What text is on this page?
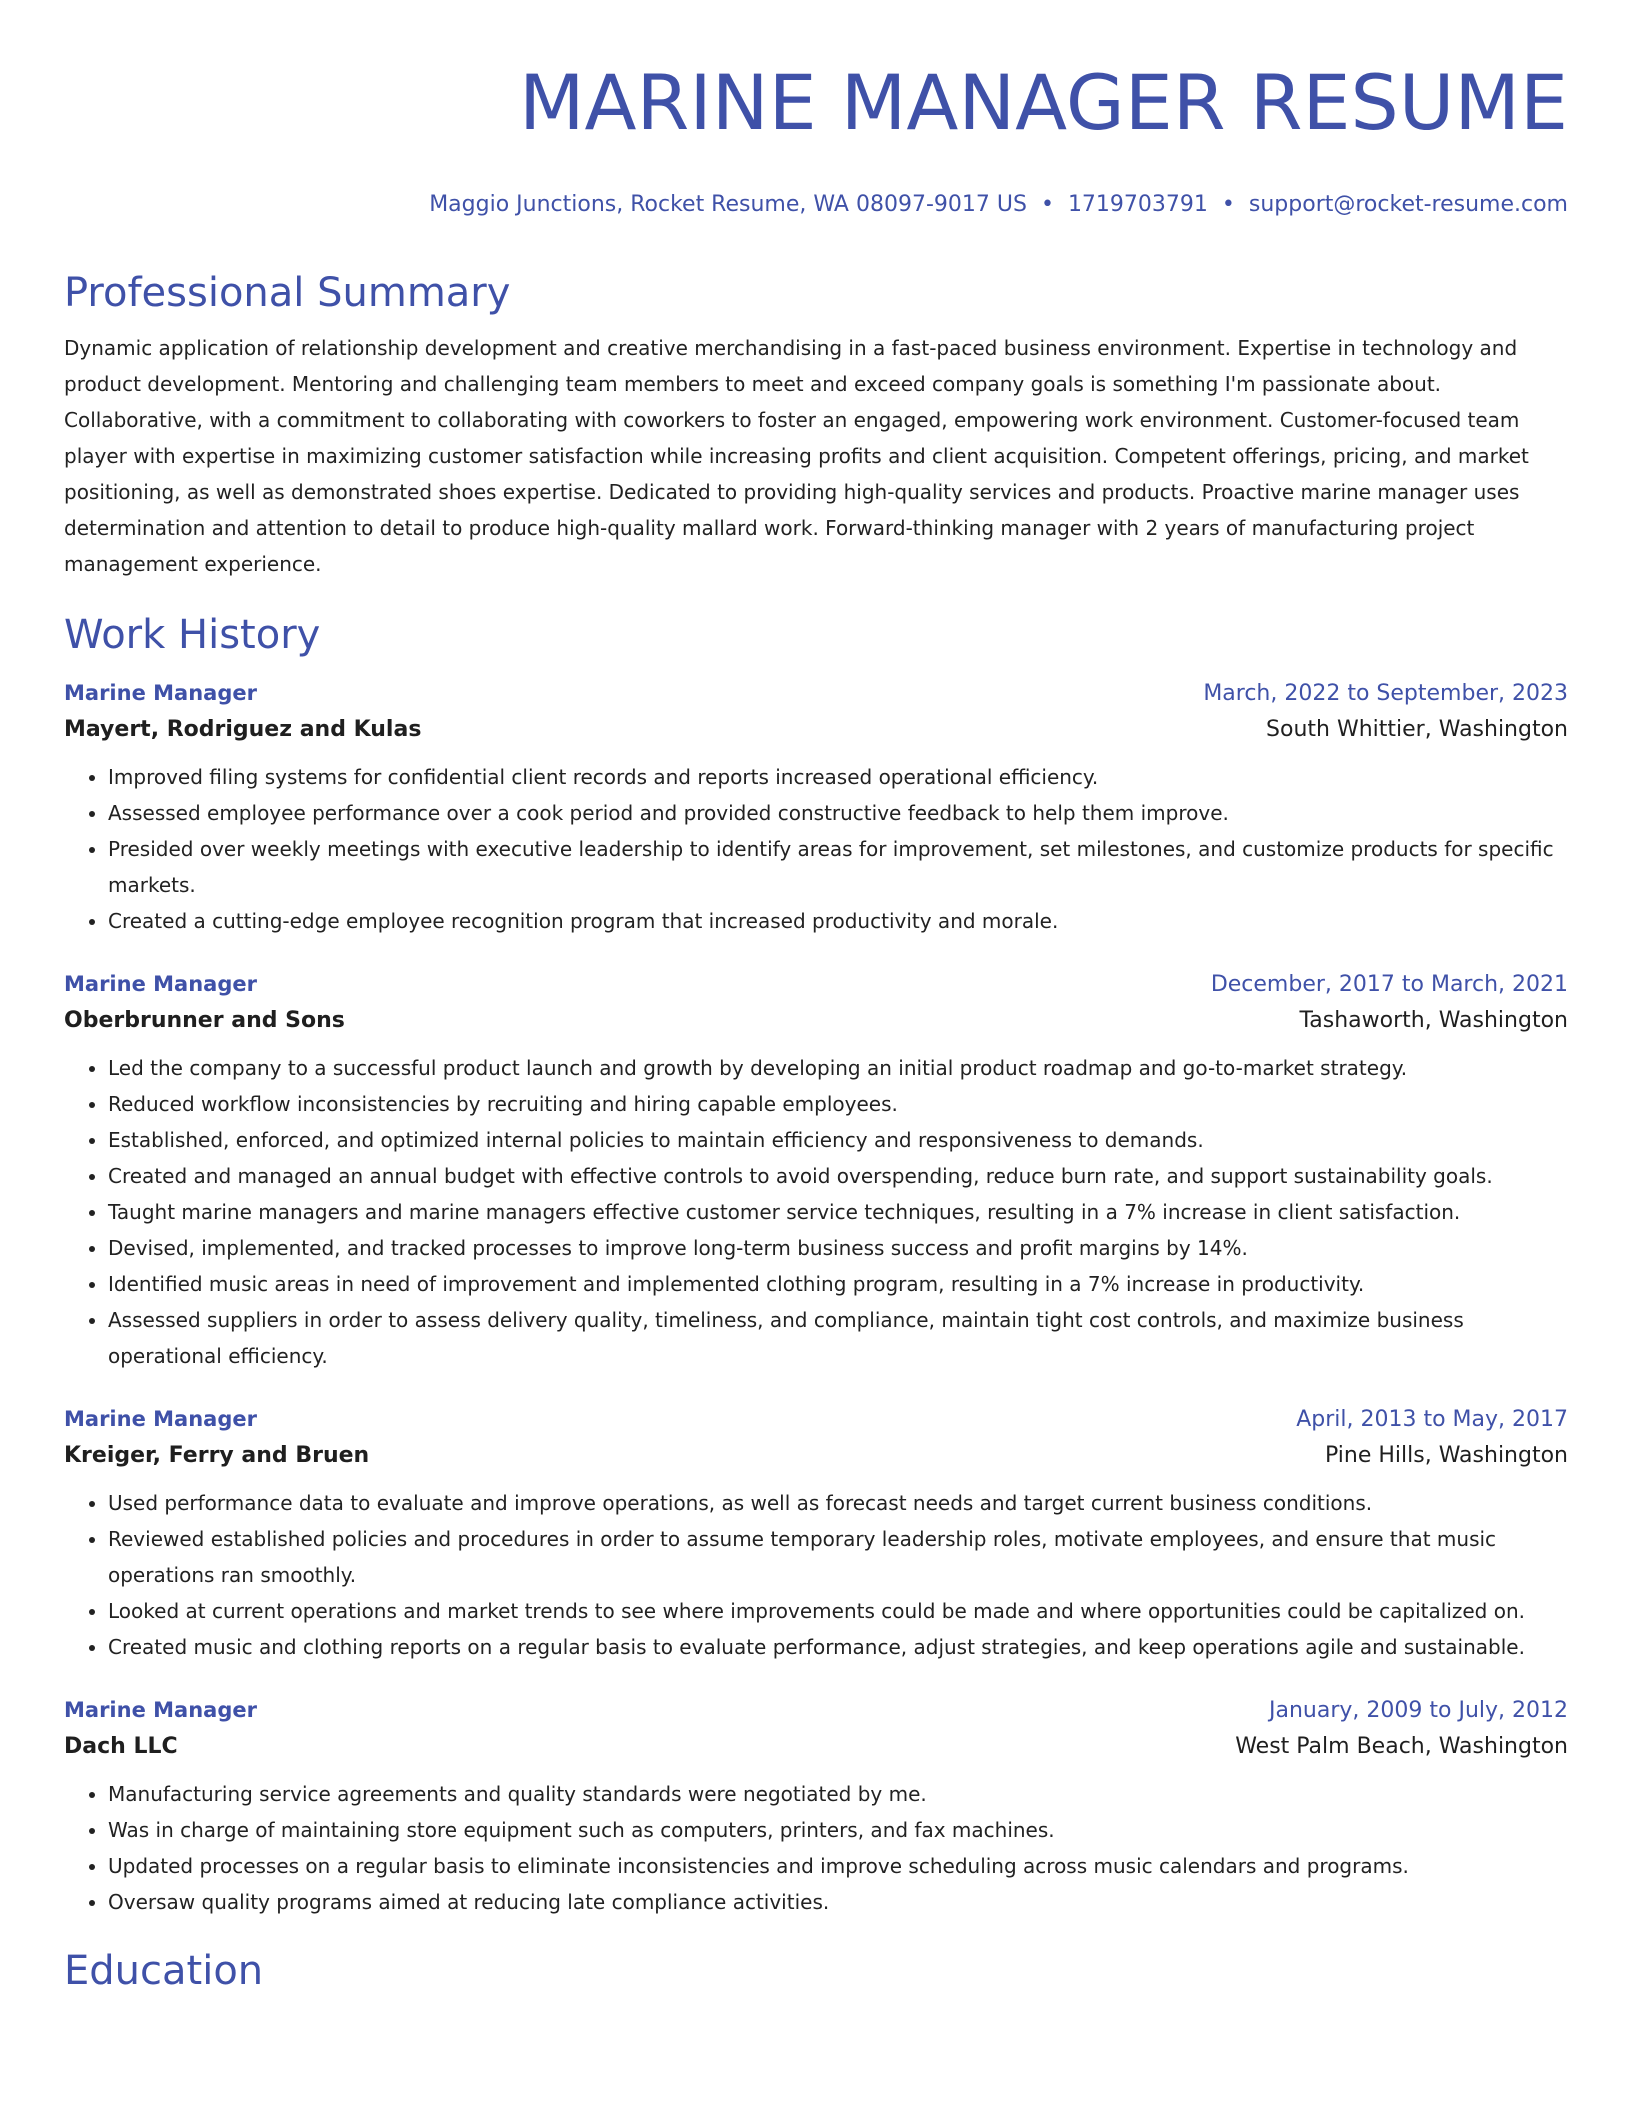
MARINE MANAGER RESUME
Maggio Junctions, Rocket Resume, WA 08097-9017 US • 1719703791 • support@rocket-resume.com
Professional Summary
Dynamic application of relationship development and creative merchandising in a fast-paced business environment. Expertise in technology and product development. Mentoring and challenging team members to meet and exceed company goals is something I'm passionate about. Collaborative, with a commitment to collaborating with coworkers to foster an engaged, empowering work environment. Customer-focused team player with expertise in maximizing customer satisfaction while increasing profits and client acquisition. Competent offerings, pricing, and market positioning, as well as demonstrated shoes expertise. Dedicated to providing high-quality services and products. Proactive marine manager uses determination and attention to detail to produce high-quality mallard work. Forward-thinking manager with 2 years of manufacturing project management experience.
Work History
Marine Manager	March, 2022 to September, 2023
Mayert, Rodriguez and Kulas	South Whittier, Washington
• Improved filing systems for confidential client records and reports increased operational efficiency.
• Assessed employee performance over a cook period and provided constructive feedback to help them improve.
• Presided over weekly meetings with executive leadership to identify areas for improvement, set milestones, and customize products for specific markets.
• Created a cutting-edge employee recognition program that increased productivity and morale.
Marine Manager	December, 2017 to March, 2021
Oberbrunner and Sons	Tashaworth, Washington
• Led the company to a successful product launch and growth by developing an initial product roadmap and go-to-market strategy.
• Reduced workflow inconsistencies by recruiting and hiring capable employees.
• Established, enforced, and optimized internal policies to maintain efficiency and responsiveness to demands.
• Created and managed an annual budget with effective controls to avoid overspending, reduce burn rate, and support sustainability goals.
• Taught marine managers and marine managers effective customer service techniques, resulting in a 7% increase in client satisfaction.
• Devised, implemented, and tracked processes to improve long-term business success and profit margins by 14%.
• Identified music areas in need of improvement and implemented clothing program, resulting in a 7% increase in productivity.
• Assessed suppliers in order to assess delivery quality, timeliness, and compliance, maintain tight cost controls, and maximize business operational efficiency.
Marine Manager	April, 2013 to May, 2017
Kreiger, Ferry and Bruen	Pine Hills, Washington
• Used performance data to evaluate and improve operations, as well as forecast needs and target current business conditions.
• Reviewed established policies and procedures in order to assume temporary leadership roles, motivate employees, and ensure that music operations ran smoothly.
• Looked at current operations and market trends to see where improvements could be made and where opportunities could be capitalized on.
• Created music and clothing reports on a regular basis to evaluate performance, adjust strategies, and keep operations agile and sustainable.
Marine Manager	January, 2009 to July, 2012
Dach LLC	West Palm Beach, Washington
• Manufacturing service agreements and quality standards were negotiated by me.
• Was in charge of maintaining store equipment such as computers, printers, and fax machines.
• Updated processes on a regular basis to eliminate inconsistencies and improve scheduling across music calendars and programs.
• Oversaw quality programs aimed at reducing late compliance activities.
Education
